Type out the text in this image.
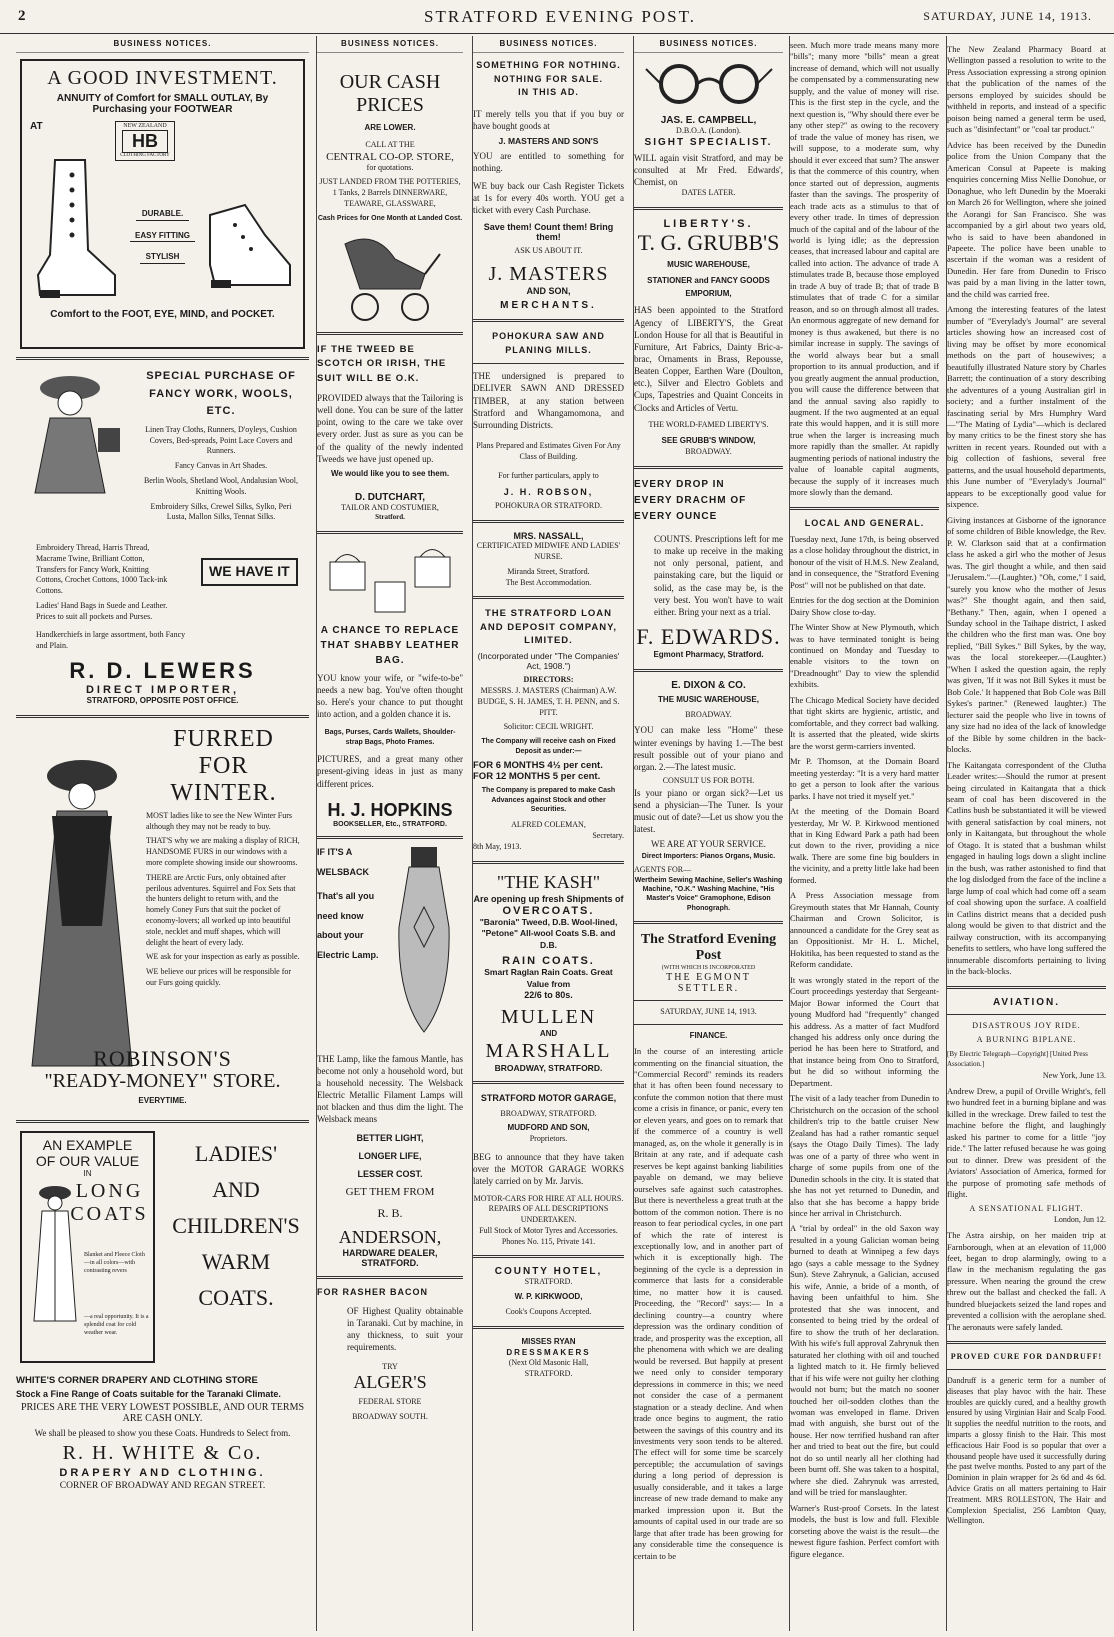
2	STRATFORD EVENING POST.	SATURDAY, JUNE 14, 1913.
BUSINESS NOTICES.
A GOOD INVESTMENT.
ANNUITY of Comfort for SMALL OUTLAY, By Purchasing your FOOTWEAR
AT	NEW ZEALAND
HB
CLOTHING FACTORY
DURABLE.
EASY FITTING
STYLISH
Comfort to the FOOT, EYE, MIND, and POCKET.
SPECIAL PURCHASE OF FANCY WORK, WOOLS, ETC.
Linen Tray Cloths, Runners, D'oyleys, Cushion Covers, Bed-spreads, Point Lace Covers and Runners.
Fancy Canvas in Art Shades.
Berlin Wools, Shetland Wool, Andalusian Wool, Knitting Wools.
Embroidery Silks, Crewel Silks, Sylko, Peri Lusta, Mallon Silks, Tennat Silks.
Embroidery Thread, Harris Thread, Macrame Twine, Brilliant Cotton, Transfers for Fancy Work, Knitting Cottons, Crochet Cottons, 1000 Tack-ink Cottons.
WE HAVE IT
Ladies' Hand Bags in Suede and Leather. Prices to suit all pockets and Purses.
Handkerchiefs in large assortment, both Fancy and Plain.
R. D. LEWERS
DIRECT IMPORTER,
STRATFORD, OPPOSITE POST OFFICE.
FURRED
FOR
WINTER.
MOST ladies like to see the New Winter Furs although they may not be ready to buy.
THAT'S why we are making a display of RICH, HANDSOME FURS in our windows with a more complete showing inside our showrooms.
THERE are Arctic Furs, only obtained after perilous adventures. Squirrel and Fox Sets that the hunters delight to return with, and the homely Coney Furs that suit the pocket of economy-lovers; all worked up into beautiful stole, necklet and muff shapes, which will delight the heart of every lady.
WE ask for your inspection as early as possible.
WE believe our prices will be responsible for our Furs going quickly.
ROBINSON'S
"READY-MONEY" STORE.
EVERYTIME.
AN EXAMPLE
OF OUR VALUE
IN
LONG
COATS
Blanket and Fleece Cloth—in all colors—with contrasting revers
—a real opportunity. It is a splendid coat for cold weather wear.
LADIES'
AND
CHILDREN'S
WARM
COATS.
WHITE'S CORNER DRAPERY AND CLOTHING STORE
Stock a Fine Range of Coats suitable for the Taranaki Climate.
PRICES ARE THE VERY LOWEST POSSIBLE, AND OUR TERMS ARE CASH ONLY.
We shall be pleased to show you these Coats. Hundreds to Select from.
R. H. WHITE & Co.
DRAPERY AND CLOTHING.
CORNER OF BROADWAY AND REGAN STREET.
BUSINESS NOTICES.
OUR CASH
PRICES
ARE LOWER.
CALL AT THE
CENTRAL CO-OP. STORE,
for quotations.
JUST LANDED FROM THE POTTERIES, 1 Tanks, 2 Barrels DINNERWARE, TEAWARE, GLASSWARE,
Cash Prices for One Month at Landed Cost.
IF THE TWEED BE SCOTCH OR IRISH, THE SUIT WILL BE O.K.
PROVIDED always that the Tailoring is well done. You can be sure of the latter point, owing to the care we take over every order. Just as sure as you can be of the quality of the newly indented Tweeds we have just opened up.
We would like you to see them.
D. DUTCHART,
TAILOR AND COSTUMIER,
Stratford.
A CHANCE TO REPLACE THAT SHABBY LEATHER BAG.
YOU know your wife, or "wife-to-be" needs a new bag. You've often thought so. Here's your chance to put thought into action, and a golden chance it is.
Bags, Purses, Cards Wallets, Shoulder-strap Bags, Photo Frames.
PICTURES, and a great many other present-giving ideas in just as many different prices.
H. J. HOPKINS
BOOKSELLER, Etc., STRATFORD.
IF IT'S A
WELSBACK
That's all you need know about your Electric Lamp.
THE Lamp, like the famous Mantle, has become not only a household word, but a household necessity. The Welsback Electric Metallic Filament Lamps will not blacken and thus dim the light. The Welsback means
BETTER LIGHT,
LONGER LIFE,
LESSER COST.
GET THEM FROM
R. B.
ANDERSON,
HARDWARE DEALER,
STRATFORD.
FOR RASHER BACON
OF Highest Quality obtainable in Taranaki. Cut by machine, in any thickness, to suit your requirements.
TRY
ALGER'S
FEDERAL STORE
BROADWAY SOUTH.
BUSINESS NOTICES.
SOMETHING FOR NOTHING.
NOTHING FOR SALE.
IN THIS AD.
IT merely tells you that if you buy or have bought goods at
J. MASTERS AND SON'S
YOU are entitled to something for nothing.
WE buy back our Cash Register Tickets at 1s for every 40s worth. YOU get a ticket with every Cash Purchase.
Save them! Count them! Bring them!
ASK US ABOUT IT.
J. MASTERS
AND SON,
MERCHANTS.
POHOKURA SAW AND PLANING MILLS.
THE undersigned is prepared to DELIVER SAWN AND DRESSED TIMBER, at any station between Stratford and Whangamomona, and Surrounding Districts.
Plans Prepared and Estimates Given For Any Class of Building.
For further particulars, apply to
J. H. ROBSON,
POHOKURA OR STRATFORD.
MRS. NASSALL,
CERTIFICATED MIDWIFE AND LADIES' NURSE.
Miranda Street, Stratford.
The Best Accommodation.
THE STRATFORD LOAN AND DEPOSIT COMPANY, LIMITED.
(Incorporated under "The Companies' Act, 1908.")
DIRECTORS:
MESSRS. J. MASTERS (Chairman) A.W. BUDGE, S. H. JAMES, T. H. PENN, and S. PITT.
Solicitor: CECIL WRIGHT.
The Company will receive cash on Fixed Deposit as under:—
FOR 6 MONTHS 4½ per cent.
FOR 12 MONTHS 5 per cent.
The Company is prepared to make Cash Advances against Stock and other Securities.
ALFRED COLEMAN,
Secretary.
8th May, 1913.
"THE KASH"
Are opening up fresh Shipments of
OVERCOATS.
"Baronia" Tweed, D.B. Wool-lined, "Petone" All-wool Coats S.B. and D.B.
RAIN COATS.
Smart Raglan Rain Coats. Great Value from
22/6 to 80s.
MULLEN
AND
MARSHALL
BROADWAY, STRATFORD.
STRATFORD MOTOR GARAGE,
BROADWAY, STRATFORD.
MUDFORD AND SON,
Proprietors.
BEG to announce that they have taken over the MOTOR GARAGE WORKS lately carried on by Mr. Jarvis.
MOTOR-CARS FOR HIRE AT ALL HOURS.
REPAIRS OF ALL DESCRIPTIONS UNDERTAKEN.
Full Stock of Motor Tyres and Accessories.
Phones No. 115, Private 141.
COUNTY HOTEL,
STRATFORD.
W. P. KIRKWOOD,
Cook's Coupons Accepted.
MISSES RYAN
DRESSMAKERS
(Next Old Masonic Hall,
STRATFORD.
BUSINESS NOTICES.
JAS. E. CAMPBELL,
D.B.O.A. (London).
SIGHT SPECIALIST.
WILL again visit Stratford, and may be consulted at Mr Fred. Edwards', Chemist, on
DATES LATER.
LIBERTY'S.
T. G. GRUBB'S
MUSIC WAREHOUSE,
STATIONER and FANCY GOODS EMPORIUM,
HAS been appointed to the Stratford Agency of LIBERTY'S, the Great London House for all that is Beautiful in Furniture, Art Fabrics, Dainty Bric-a-brac, Ornaments in Brass, Repousse, Beaten Copper, Earthen Ware (Doulton, etc.), Silver and Electro Goblets and Cups, Tapestries and Quaint Conceits in Clocks and Articles of Vertu.
THE WORLD-FAMED LIBERTY'S.
SEE GRUBB'S WINDOW,
BROADWAY.
EVERY DROP IN
EVERY DRACHM OF
EVERY OUNCE
COUNTS. Prescriptions left for me to make up receive in the making not only personal, patient, and painstaking care, but the liquid or solid, as the case may be, is the very best. You won't have to wait either. Bring your next as a trial.
F. EDWARDS.
Egmont Pharmacy, Stratford.
E. DIXON & CO.
THE MUSIC WAREHOUSE,
BROADWAY.
YOU can make less "Home" these winter evenings by having 1.—The best result possible out of your piano and organ. 2.—The latest music.
CONSULT US FOR BOTH.
Is your piano or organ sick?—Let us send a physician—The Tuner. Is your music out of date?—Let us show you the latest.
WE ARE AT YOUR SERVICE.
Direct Importers: Pianos Organs, Music.
AGENTS FOR—
Wertheim Sewing Machine, Seller's Washing Machine, "O.K." Washing Machine, "His Master's Voice" Gramophone, Edison Phonograph.
The Stratford Evening Post
(WITH WHICH IS INCORPORATED
THE EGMONT SETTLER.
SATURDAY, JUNE 14, 1913.
FINANCE.
In the course of an interesting article commenting on the financial situation, the "Commercial Record" reminds its readers that it has often been found necessary to confute the common notion that there must come a crisis in finance, or panic, every ten or eleven years, and goes on to remark that if the commerce of a country is well managed, as, on the whole it generally is in Britain at any rate, and if adequate cash reserves be kept against banking liabilities payable on demand, we may believe ourselves safe against such catastrophes. But there is nevertheless a great truth at the bottom of the common notion. There is no reason to fear periodical cycles, in one part of which the rate of interest is exceptionally low, and in another part of which it is exceptionally high. The beginning of the cycle is a depression in commerce that lasts for a considerable time, no matter how it is caused. Proceeding, the "Record" says:— In a declining country—a country where depression was the ordinary condition of trade, and prosperity was the exception, all the phenomena with which we are dealing would be reversed. But happily at present we need only to consider temporary depressions in commerce in this; we need not consider the case of a permanent stagnation or a steady decline. And when trade once begins to augment, the ratio between the savings of this country and its investments very soon tends to be altered. The effect will for some time be scarcely perceptible; the accumulation of savings during a long period of depression is usually considerable, and it takes a large increase of new trade demand to make any marked impression upon it. But the amounts of capital used in our trade are so large that after trade has been growing for any considerable time the consequence is certain to be
seen. Much more trade means many more "bills"; many more "bills" mean a great increase of demand, which will not usually be compensated by a commensurating new supply, and the value of money will rise. This is the first step in the cycle, and the next question is, "Why should there ever be any other step?" as owing to the recovery of trade the value of money has risen, we will suppose, to a moderate sum, why should it ever exceed that sum? The answer is that the commerce of this country, when once started out of depression, augments faster than the savings. The prosperity of each trade acts as a stimulus to that of every other trade. In times of depression much of the capital and of the labour of the world is lying idle; as the depression ceases, that increased labour and capital are called into action. The advance of trade A stimulates trade B, because those employed in trade A buy of trade B; that of trade B stimulates that of trade C for a similar reason, and so on through almost all trades. An enormous aggregate of new demand for money is thus awakened, but there is no similar increase in supply. The savings of the world always bear but a small proportion to its annual production, and if you greatly augment the annual production, you will cause the difference between that and the annual saving also rapidly to augment. If the two augmented at an equal rate this would happen, and it is still more true when the larger is increasing much more rapidly than the smaller. At rapidly augmenting periods of national industry the value of loanable capital augments, because the supply of it increases much more slowly than the demand.
LOCAL AND GENERAL.
Tuesday next, June 17th, is being observed as a close holiday throughout the district, in honour of the visit of H.M.S. New Zealand, and in consequence, the "Stratford Evening Post" will not be published on that date.
Entries for the dog section at the Dominion Dairy Show close to-day.
The Winter Show at New Plymouth, which was to have terminated tonight is being continued on Monday and Tuesday to enable visitors to the town on "Dreadnought" Day to view the splendid exhibits.
The Chicago Medical Society have decided that tight skirts are hygienic, artistic, and comfortable, and they correct bad walking. It is asserted that the pleated, wide skirts are the worst germ-carriers invented.
Mr P. Thomson, at the Domain Board meeting yesterday: "It is a very hard matter to get a person to look after the various parks. I have not tried it myself yet."
At the meeting of the Domain Board yesterday, Mr W. P. Kirkwood mentioned that in King Edward Park a path had been cut down to the river, providing a nice walk. There are some fine big boulders in the vicinity, and a pretty little lake had been formed.
A Press Association message from Greymouth states that Mr Hannah, County Chairman and Crown Solicitor, is announced a candidate for the Grey seat as an Oppositionist. Mr H. L. Michel, Hokitika, has been requested to stand as the Reform candidate.
It was wrongly stated in the report of the Court proceedings yesterday that Sergeant-Major Bowar informed the Court that young Mudford had "frequently" changed his address. As a matter of fact Mudford changed his address only once during the period he has been here to Stratford, and that instance being from Ono to Stratford, but he did so without informing the Department.
The visit of a lady teacher from Dunedin to Christchurch on the occasion of the school children's trip to the battle cruiser New Zealand has had a rather romantic sequel (says the Otago Daily Times). The lady was one of a party of three who went in charge of some pupils from one of the Dunedin schools in the city. It is stated that she has not yet returned to Dunedin, and also that she has become a happy bride since her arrival in Christchurch.
A "trial by ordeal" in the old Saxon way resulted in a young Galician woman being burned to death at Winnipeg a few days ago (says a cable message to the Sydney Sun). Steve Zahrynuk, a Galician, accused his wife, Annie, a bride of a month, of having been unfaithful to him. She protested that she was innocent, and consented to being tried by the ordeal of fire to show the truth of her declaration. With his wife's full approval Zahrynuk then saturated her clothing with oil and touched a lighted match to it. He firmly believed that if his wife were not guilty her clothing would not burn; but the match no sooner touched her oil-sodden clothes than the woman was enveloped in flame. Driven mad with anguish, she burst out of the house. Her now terrified husband ran after her and tried to beat out the fire, but could not do so until nearly all her clothing had been burnt off. She was taken to a hospital, where she died. Zahrynuk was arrested, and will be tried for manslaughter.
Warner's Rust-proof Corsets. In the latest models, the bust is low and full. Flexible corseting above the waist is the result—the newest figure fashion. Perfect comfort with figure elegance.
The New Zealand Pharmacy Board at Wellington passed a resolution to write to the Press Association expressing a strong opinion that the publication of the names of the persons employed by suicides should be withheld in reports, and instead of a specific poison being named a general term be used, such as "disinfectant" or "coal tar product."
Advice has been received by the Dunedin police from the Union Company that the American Consul at Papeete is making enquiries concerning Miss Nellie Donohue, or Donaghue, who left Dunedin by the Moeraki on March 26 for Wellington, where she joined the Aorangi for San Francisco. She was accompanied by a girl about two years old, who is said to have been abandoned in Papeete. The police have been unable to ascertain if the woman was a resident of Dunedin. Her fare from Dunedin to Frisco was paid by a man living in the latter town, and the child was carried free.
Among the interesting features of the latest number of "Everylady's Journal" are several articles showing how an increased cost of living may be offset by more economical methods on the part of housewives; a beautifully illustrated Nature story by Charles Barrett; the continuation of a story describing the adventures of a young Australian girl in society; and a further instalment of the fascinating serial by Mrs Humphry Ward—"The Mating of Lydia"—which is declared by many critics to be the finest story she has written in recent years. Rounded out with a big collection of fashions, several free patterns, and the usual household departments, this June number of "Everylady's Journal" appears to be exceptionally good value for sixpence.
Giving instances at Gisborne of the ignorance of some children of Bible knowledge, the Rev. P. W. Clarkson said that at a confirmation class he asked a girl who the mother of Jesus was. The girl thought a while, and then said "Jerusalem."—(Laughter.) "Oh, come," I said, "surely you know who the mother of Jesus was?" She thought again, and then said, "Bethany." Then, again, when I opened a Sunday school in the Taihape district, I asked the children who the first man was. One boy replied, "Bill Sykes." Bill Sykes, by the way, was the local storekeeper.—(Laughter.) "When I asked the question again, the reply was given, 'If it was not Bill Sykes it must be Bob Cole.' It happened that Bob Cole was Bill Sykes's partner." (Renewed laughter.) The lecturer said the people who live in towns of any size had no idea of the lack of knowledge of the Bible by some children in the back-blocks.
The Kaitangata correspondent of the Clutha Leader writes:—Should the rumor at present being circulated in Kaitangata that a thick seam of coal has been discovered in the Catlins bush be substantiated it will be viewed with general satisfaction by coal miners, not only in Kaitangata, but throughout the whole of Otago. It is stated that a bushman whilst engaged in hauling logs down a slight incline in the bush, was rather astonished to find that the log dislodged from the face of the incline a large lump of coal which had come off a seam of coal showing upon the surface. A coalfield in Catlins district means that a decided push along would be given to that district and the railway construction, with its accompanying benefits to settlers, who have long suffered the innumerable discomforts pertaining to living in the back-blocks.
AVIATION.
DISASTROUS JOY RIDE.
A BURNING BIPLANE.
[By Electric Telegraph—Copyright] [United Press Association.]
New York, June 13.
Andrew Drew, a pupil of Orville Wright's, fell two hundred feet in a burning biplane and was killed in the wreckage. Drew failed to test the machine before the flight, and laughingly asked his partner to come for a little "joy ride." The latter refused because he was going out to dinner. Drew was president of the Aviators' Association of America, formed for the purpose of promoting safe methods of flight.
A SENSATIONAL FLIGHT.
London, Jun 12.
The Astra airship, on her maiden trip at Farnborough, when at an elevation of 11,000 feet, began to drop alarmingly, owing to a flaw in the mechanism regulating the gas pressure. When nearing the ground the crew threw out the ballast and checked the fall. A hundred bluejackets seized the land ropes and prevented a collision with the aeroplane shed. The aeronauts were safely landed.
PROVED CURE FOR DANDRUFF!
Dandruff is a generic term for a number of diseases that play havoc with the hair. These troubles are quickly cured, and a healthy growth ensured by using Virginian Hair and Scalp Food. It supplies the needful nutrition to the roots, and imparts a glossy finish to the Hair. This most efficacious Hair Food is so popular that over a thousand people have used it successfully during the past twelve months. Posted to any part of the Dominion in plain wrapper for 2s 6d and 4s 6d. Advice Gratis on all matters pertaining to Hair Treatment. MRS ROLLESTON, The Hair and Complexion Specialist, 256 Lambton Quay, Wellington.
